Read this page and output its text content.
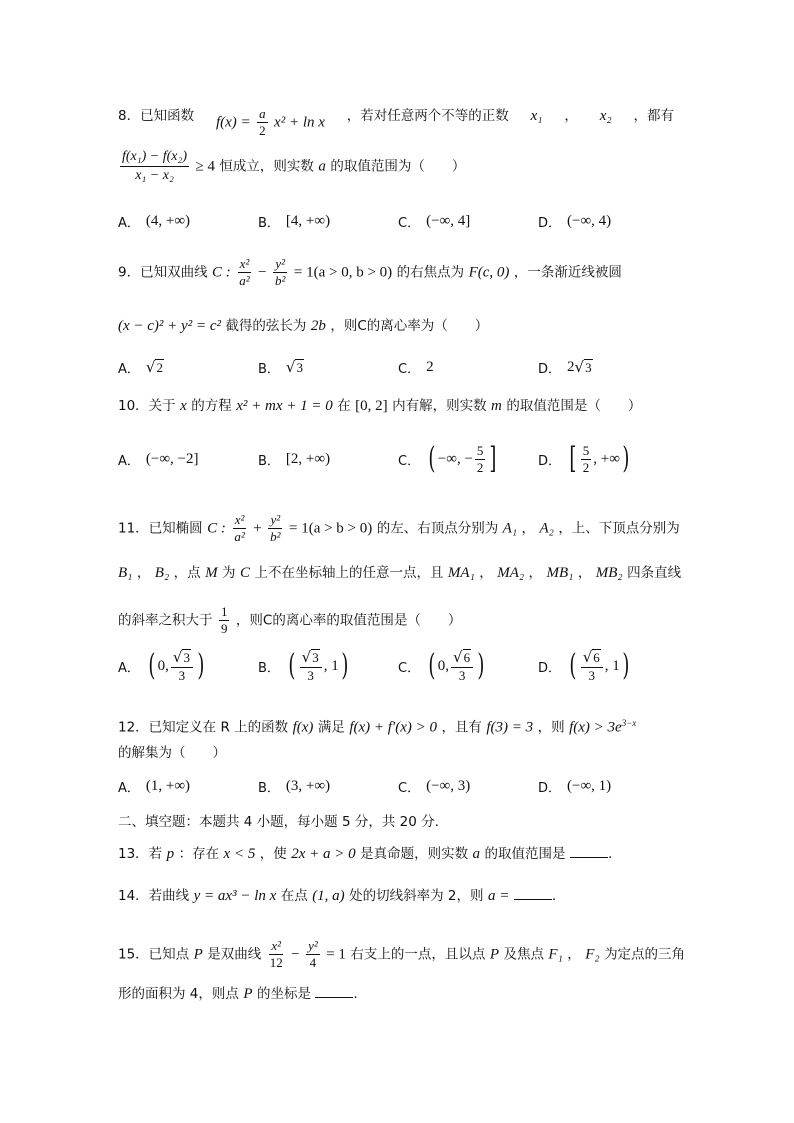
8．已知函数 $f(x) = \frac{a}{2} x^2 + \ln x$ ，若对任意两个不等的正数 x₁ ， x₂ ，都有
$\frac{\text{f(x₁) − f(x₂)}}{\text{x₁ − x₂}} \ge 4$ 恒成立，则实数 a 的取值范围为（　　）
A． (4, +∞)	B． [4, +∞)	C． (−∞, 4]	D． (−∞, 4)
9．已知双曲线 C : $\frac{\text{x²}}{\text{a²}} - \frac{\text{y²}}{\text{b²}} = 1(a > 0$, b > 0) 的右焦点为 F(c, 0) ，一条渐近线被圆
(x − c)² + y² = c² 截得的弦长为 2b ，则C的离心率为（　　）
A． √ 2	B． √ 3	C． 2	D． 2 √ 3
10．关于 x 的方程 x² + mx + 1 = 0 在 [0, 2] 内有解，则实数 m 的取值范围是（　　）
A． (−∞, −2]	B． [2, +∞)	C． ( −∞, − $\frac{5}{2}$ ]	D． [ $\frac{5}{2}$ , +∞ )
11．已知椭圆 C : $\frac{\text{x²}}{\text{a²}} + \frac{\text{y²}}{\text{b²}} = 1(a > b > 0)$ 的左、右顶点分别为 A₁ ， A₂ ，上、下顶点分别为
B₁ ， B₂ ，点 M 为 C 上不在坐标轴上的任意一点，且 MA₁ ， MA₂ ， MB₁ ， MB₂ 四条直线
的斜率之积大于 $\frac{1}{9}$ ，则C的离心率的取值范围是（　　）
A． ( 0, $\frac{√ 3}{3}$ )	B． ( $\frac{√ 3}{3}$ , 1 )	C． ( 0, $\frac{√ 6}{3}$ )	D． ( $\frac{√ 6}{3}$ , 1 )
12．已知定义在 R 上的函数 f(x) 满足 f(x) + f′(x) > 0 ，且有 f(3) = 3 ，则 $f(x) > 3e^{3-x}$
的解集为（　　）
A． (1, +∞)	B． (3, +∞)	C． (−∞, 3)	D． (−∞, 1)
二、填空题：本题共 4 小题，每小题 5 分，共 20 分.
13．若 p ：存在 x < 5 ，使 2x + a > 0 是真命题，则实数 a 的取值范围是	.
14．若曲线 y = ax³ − ln x 在点 (1, a) 处的切线斜率为 2，则 a =	.
15．已知点 P 是双曲线 $\frac{\text{x²}}{12} - \frac{\text{y²}}{4} = 1$ 右支上的一点，且以点 P 及焦点 F₁ ， F₂ 为定点的三角
形的面积为 4，则点 P 的坐标是	.
